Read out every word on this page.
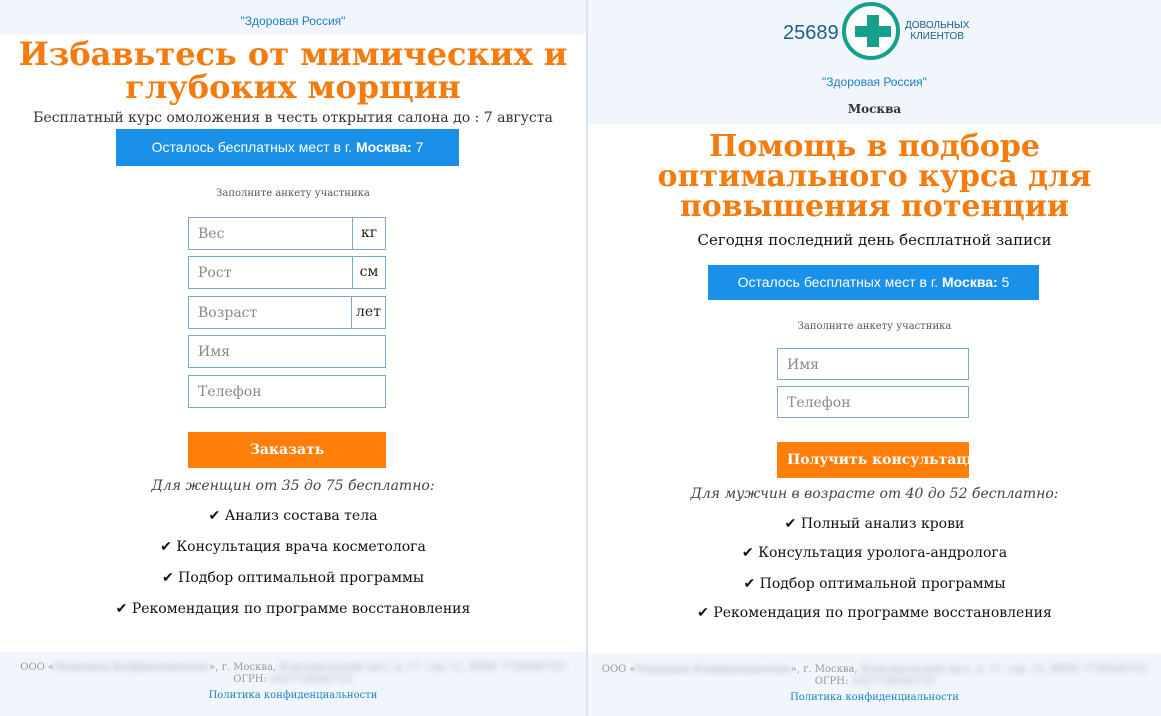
$_{"Здоровая Россия"}$
Избавьтесь от мимических и
глубоких морщин
Бесплатный курс омоложения в честь открытия салона до : 7 августа
Осталось бесплатных мест в г. Москва: 7
Заполните анкету участника
Вес	кг
Рост	см
Возраст	лет
Имя
Телефон
Заказать
Для женщин от 35 до 75 бесплатно:
✔ Анализ состава тела
✔ Консультация врача косметолога
✔ Подбор оптимальной программы
✔ Рекомендация по программе восстановления
ООО «Медицина Конфиденциальна», г. Москва, Комсомольский пр-т, д. 17, стр. 11, ИНН: 7728545725
ОГРН: 1027728545725
Политика конфиденциальности
25689	ДОВОЛЬНЫХ
КЛИЕНТОВ
"Здоровая Россия"
Москва
Помощь в подборе
оптимального курса для
повышения потенции
Сегодня последний день бесплатной записи
Осталось бесплатных мест в г. Москва: 5
Заполните анкету участника
Имя
Телефон
Получить консультацию
Для мужчин в возрасте от 40 до 52 бесплатно:
✔ Полный анализ крови
✔ Консультация уролога-андролога
✔ Подбор оптимальной программы
✔ Рекомендация по программе восстановления
ООО «Медицина Конфиденциальна», г. Москва, Комсомольский пр-т, д. 17, стр. 11, ИНН: 7728545725
ОГРН: 1027728545725
Политика конфиденциальности
